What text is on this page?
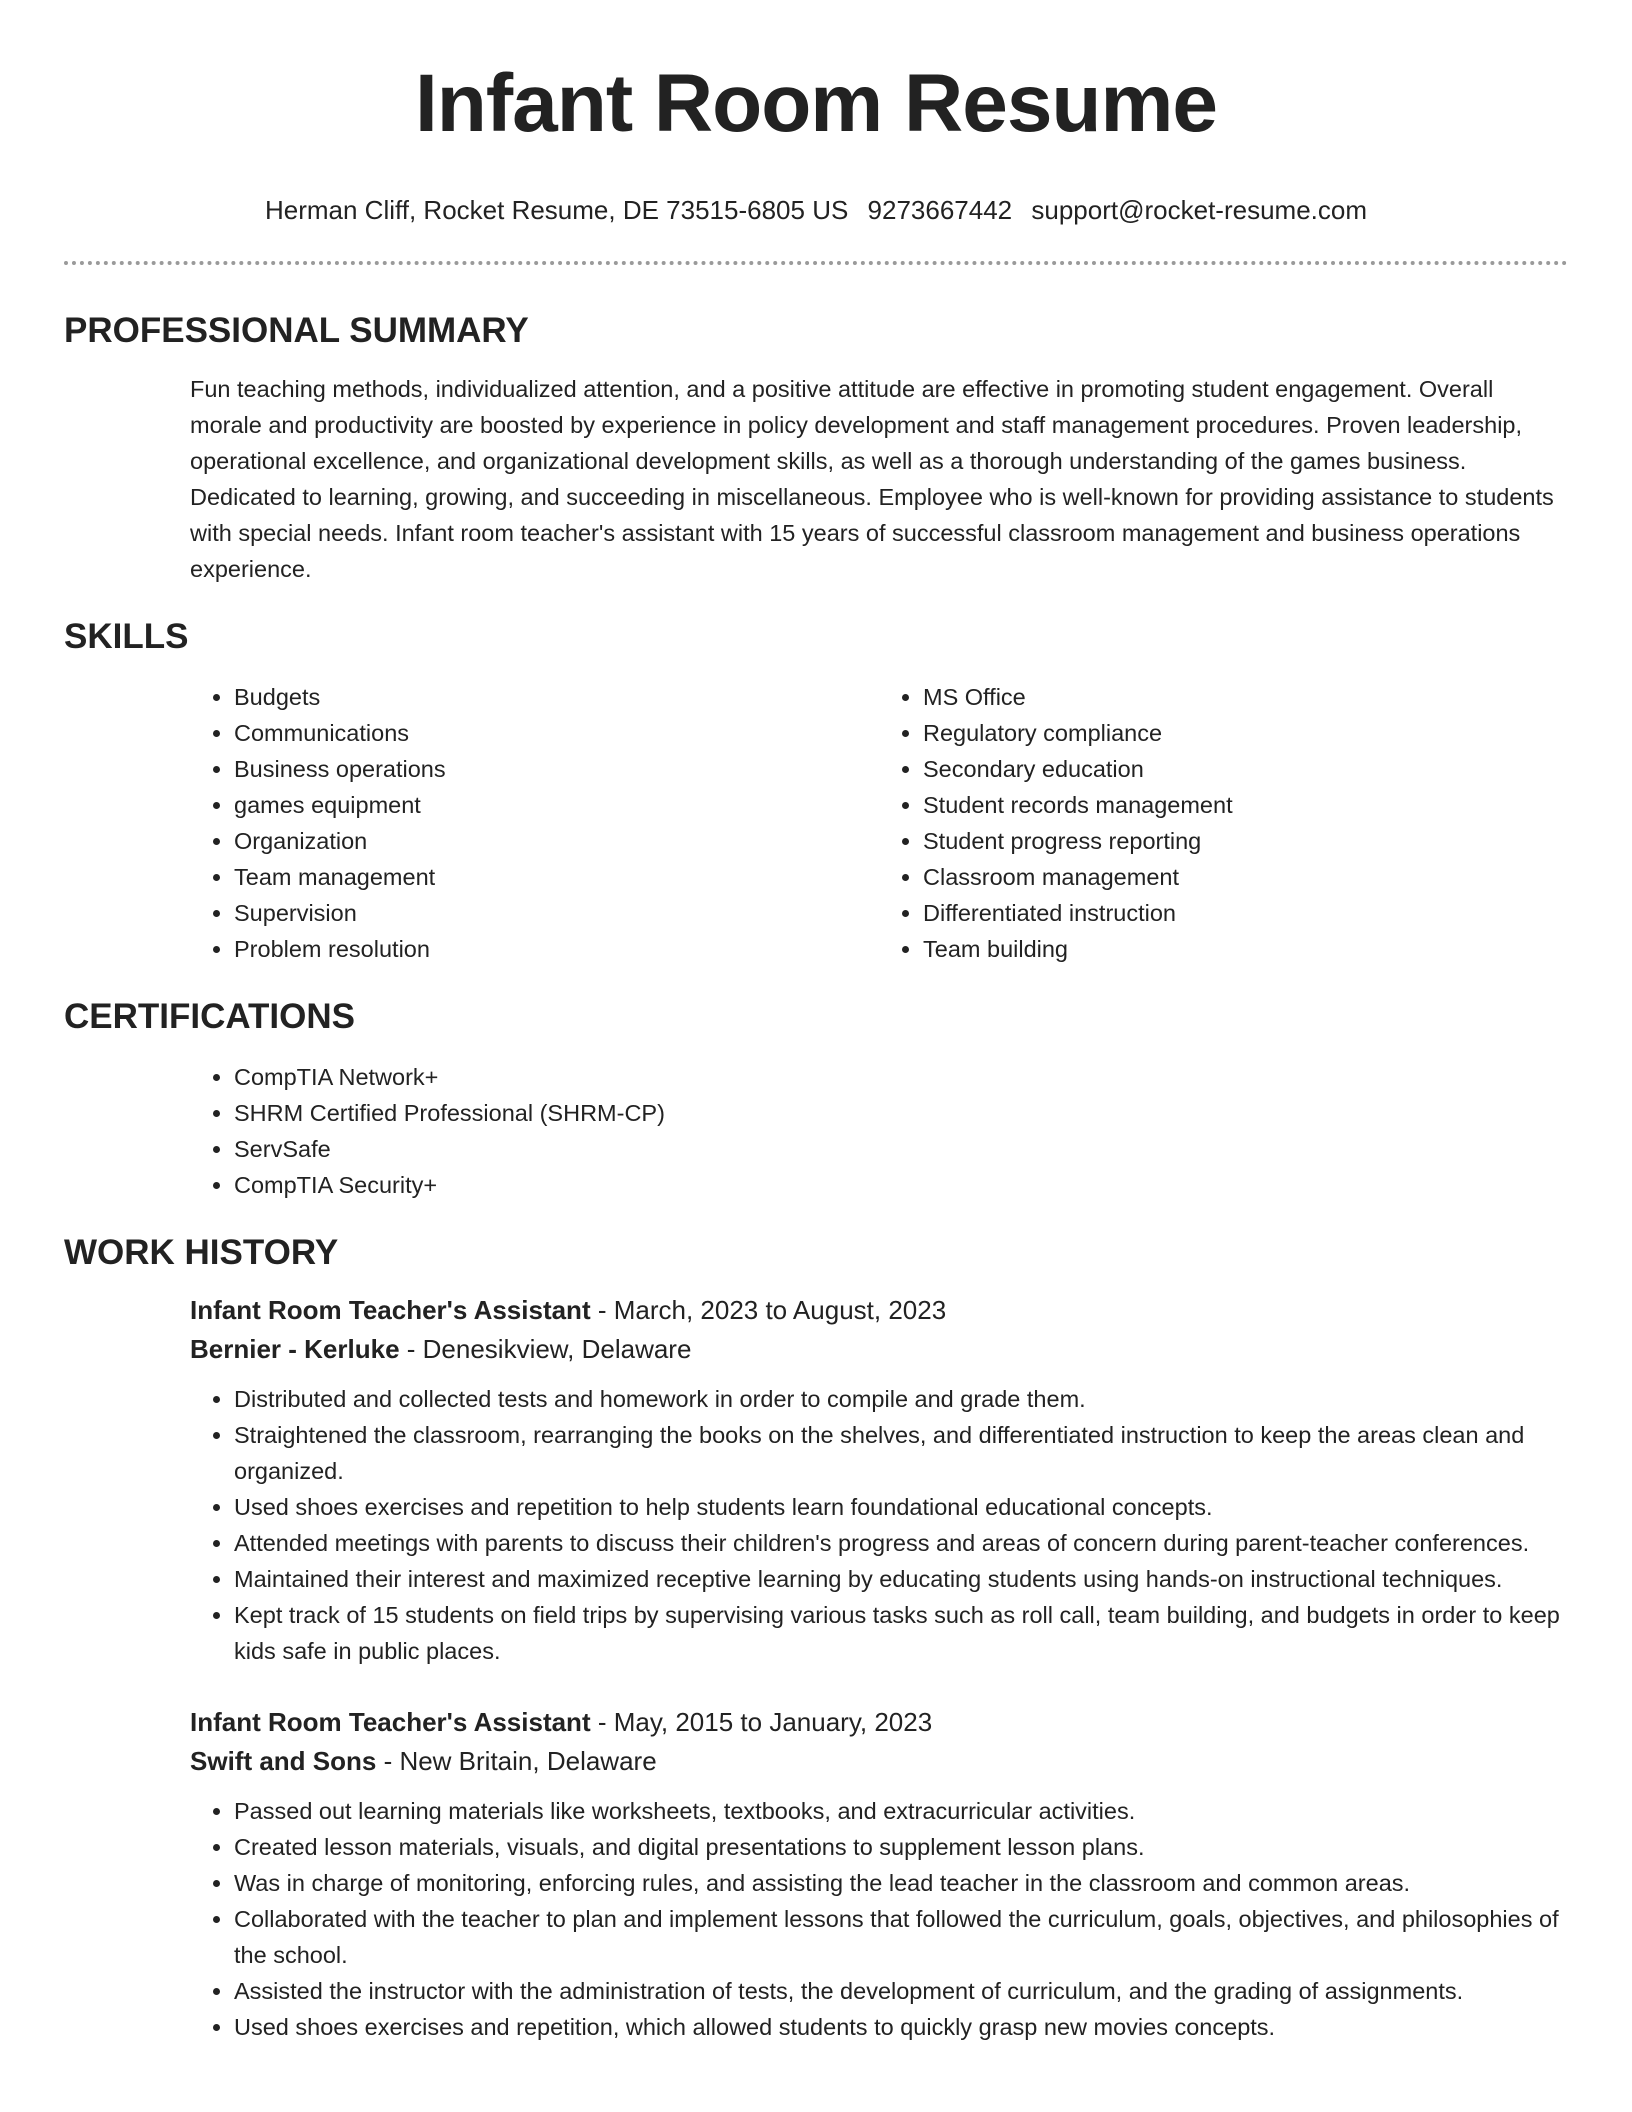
Infant Room Resume
Herman Cliff, Rocket Resume, DE 73515-6805 US 9273667442 support@rocket-resume.com
PROFESSIONAL SUMMARY

Fun teaching methods, individualized attention, and a positive attitude are effective in promoting student engagement. Overall morale and productivity are boosted by experience in policy development and staff management procedures. Proven leadership, operational excellence, and organizational development skills, as well as a thorough understanding of the games business. Dedicated to learning, growing, and succeeding in miscellaneous. Employee who is well-known for providing assistance to students with special needs. Infant room teacher's assistant with 15 years of successful classroom management and business operations experience.

SKILLS
• Budgets
• Communications
• Business operations
• games equipment
• Organization
• Team management
• Supervision
• Problem resolution
• MS Office
• Regulatory compliance
• Secondary education
• Student records management
• Student progress reporting
• Classroom management
• Differentiated instruction
• Team building
CERTIFICATIONS
• CompTIA Network+
• SHRM Certified Professional (SHRM-CP)
• ServSafe
• CompTIA Security+
WORK HISTORY
Infant Room Teacher's Assistant - March, 2023 to August, 2023
Bernier - Kerluke - Denesikview, Delaware
• Distributed and collected tests and homework in order to compile and grade them.
• Straightened the classroom, rearranging the books on the shelves, and differentiated instruction to keep the areas clean and organized.
• Used shoes exercises and repetition to help students learn foundational educational concepts.
• Attended meetings with parents to discuss their children's progress and areas of concern during parent-teacher conferences.
• Maintained their interest and maximized receptive learning by educating students using hands-on instructional techniques.
• Kept track of 15 students on field trips by supervising various tasks such as roll call, team building, and budgets in order to keep kids safe in public places.
Infant Room Teacher's Assistant - May, 2015 to January, 2023
Swift and Sons - New Britain, Delaware
• Passed out learning materials like worksheets, textbooks, and extracurricular activities.
• Created lesson materials, visuals, and digital presentations to supplement lesson plans.
• Was in charge of monitoring, enforcing rules, and assisting the lead teacher in the classroom and common areas.
• Collaborated with the teacher to plan and implement lessons that followed the curriculum, goals, objectives, and philosophies of the school.
• Assisted the instructor with the administration of tests, the development of curriculum, and the grading of assignments.
• Used shoes exercises and repetition, which allowed students to quickly grasp new movies concepts.
